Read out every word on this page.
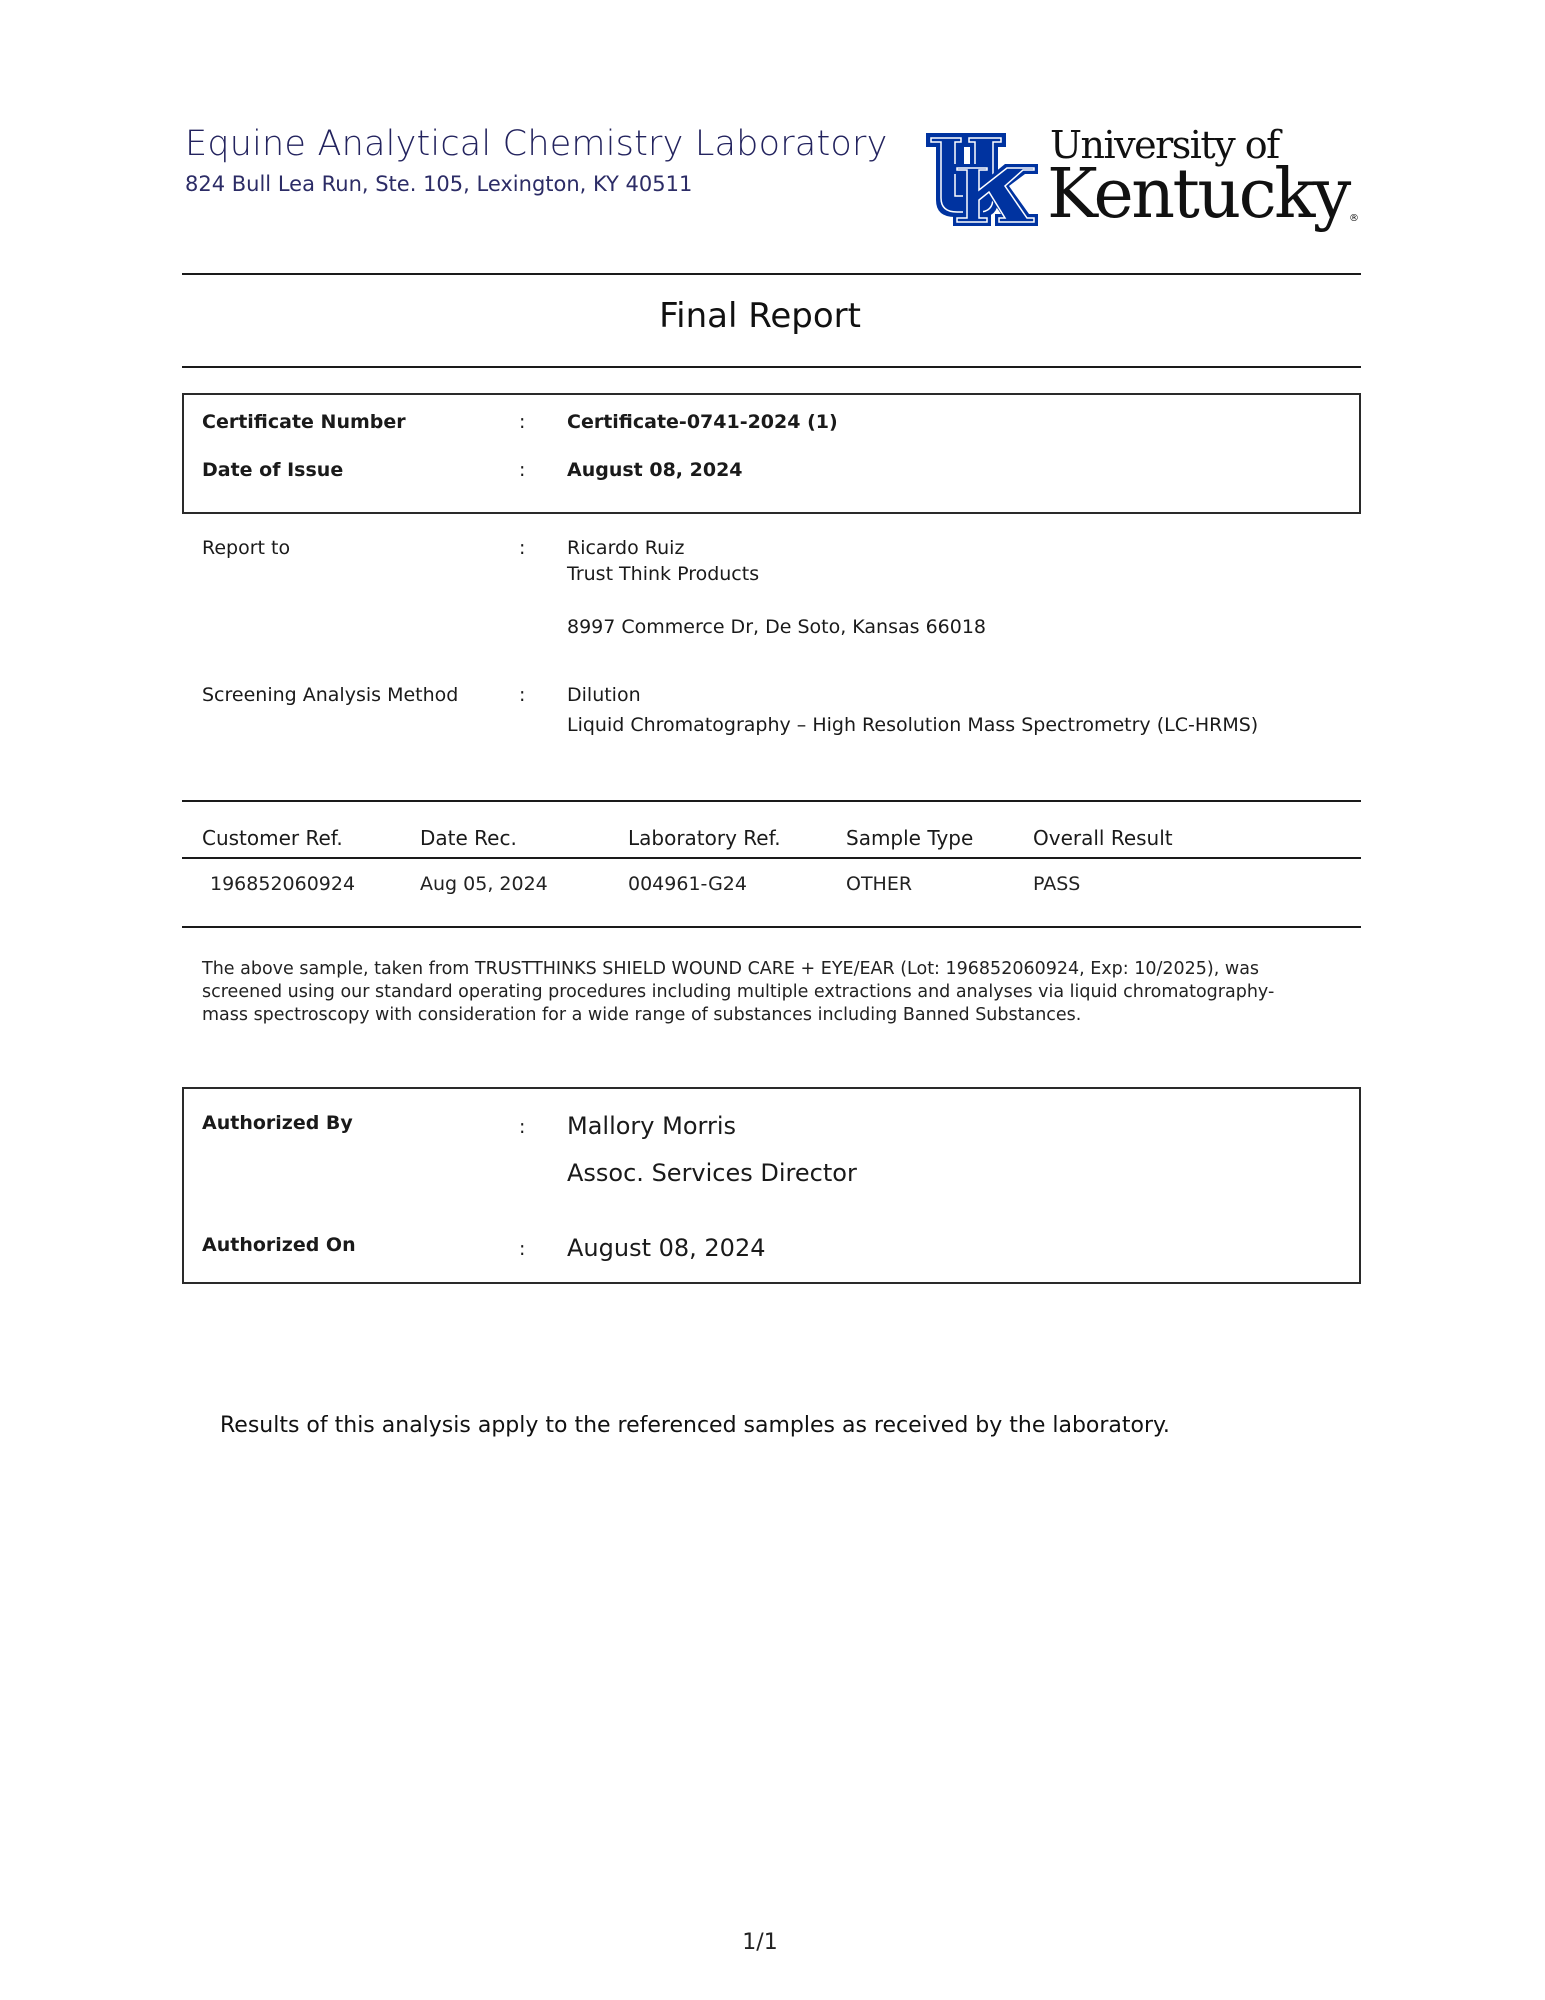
Equine Analytical Chemistry Laboratory
824 Bull Lea Run, Ste. 105, Lexington, KY 40511
University of
Kentucky ®
Final Report
Certificate Number	: Certificate-0741-2024 (1)
Date of Issue	: August 08, 2024
Report to	: Ricardo Ruiz
Trust Think Products
8997 Commerce Dr, De Soto, Kansas 66018
Screening Analysis Method	: Dilution
Liquid Chromatography – High Resolution Mass Spectrometry (LC-HRMS)
Customer Ref.	Date Rec.	Laboratory Ref.	Sample Type	Overall Result
196852060924	Aug 05, 2024	004961-G24	OTHER	PASS
The above sample, taken from TRUSTTHINKS SHIELD WOUND CARE + EYE/EAR (Lot: 196852060924, Exp: 10/2025), was screened using our standard operating procedures including multiple extractions and analyses via liquid chromatography-mass spectroscopy with consideration for a wide range of substances including Banned Substances.
Authorized By	: Mallory Morris
Assoc. Services Director
Authorized On	: August 08, 2024
Results of this analysis apply to the referenced samples as received by the laboratory.
1/1
